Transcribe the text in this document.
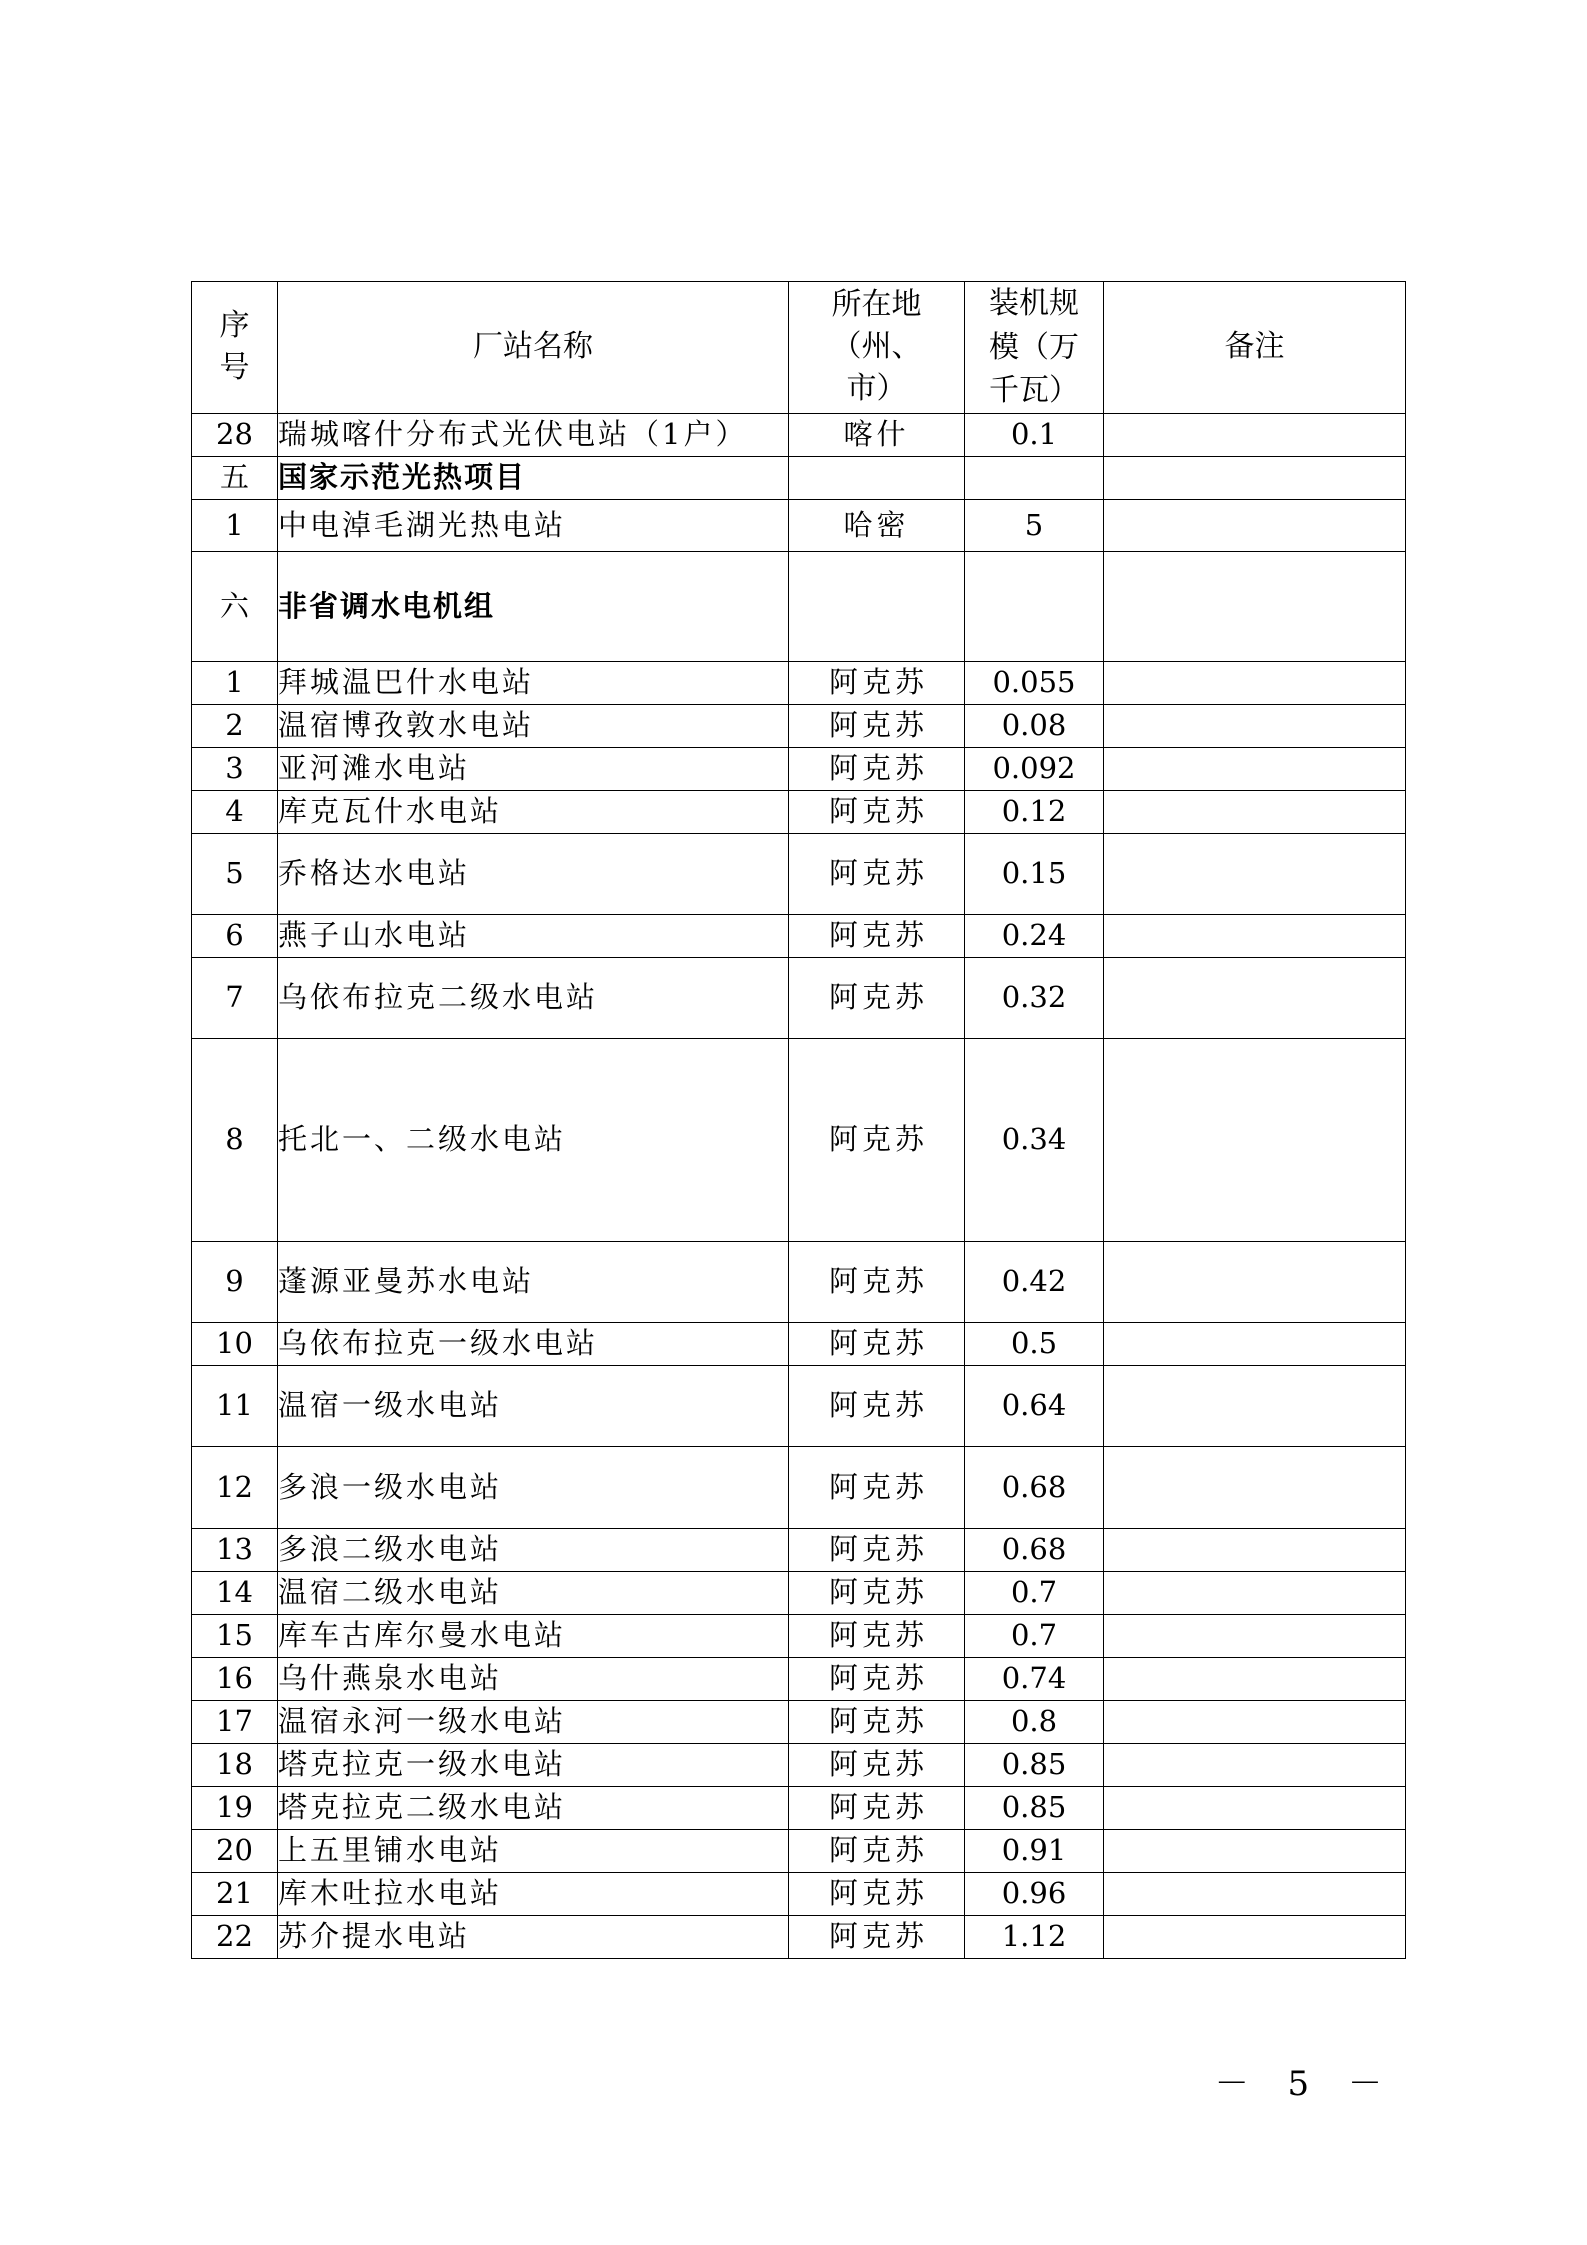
序号	厂站名称	所在地（州、市）	装机规模（万千瓦）	备注
28	瑞城喀什分布式光伏电站（1户）	喀什	0.1	
五	国家示范光热项目			
1	中电淖毛湖光热电站	哈密	5	
六	非省调水电机组			
1	拜城温巴什水电站	阿克苏	0.055	
2	温宿博孜敦水电站	阿克苏	0.08	
3	亚河滩水电站	阿克苏	0.092	
4	库克瓦什水电站	阿克苏	0.12	
5	乔格达水电站	阿克苏	0.15	
6	燕子山水电站	阿克苏	0.24	
7	乌依布拉克二级水电站	阿克苏	0.32	
8	托北一、二级水电站	阿克苏	0.34	
9	蓬源亚曼苏水电站	阿克苏	0.42	
10	乌依布拉克一级水电站	阿克苏	0.5	
11	温宿一级水电站	阿克苏	0.64	
12	多浪一级水电站	阿克苏	0.68	
13	多浪二级水电站	阿克苏	0.68	
14	温宿二级水电站	阿克苏	0.7	
15	库车古库尔曼水电站	阿克苏	0.7	
16	乌什燕泉水电站	阿克苏	0.74	
17	温宿永河一级水电站	阿克苏	0.8	
18	塔克拉克一级水电站	阿克苏	0.85	
19	塔克拉克二级水电站	阿克苏	0.85	
20	上五里铺水电站	阿克苏	0.91	
21	库木吐拉水电站	阿克苏	0.96	
22	苏介提水电站	阿克苏	1.12	
－ 5 －
